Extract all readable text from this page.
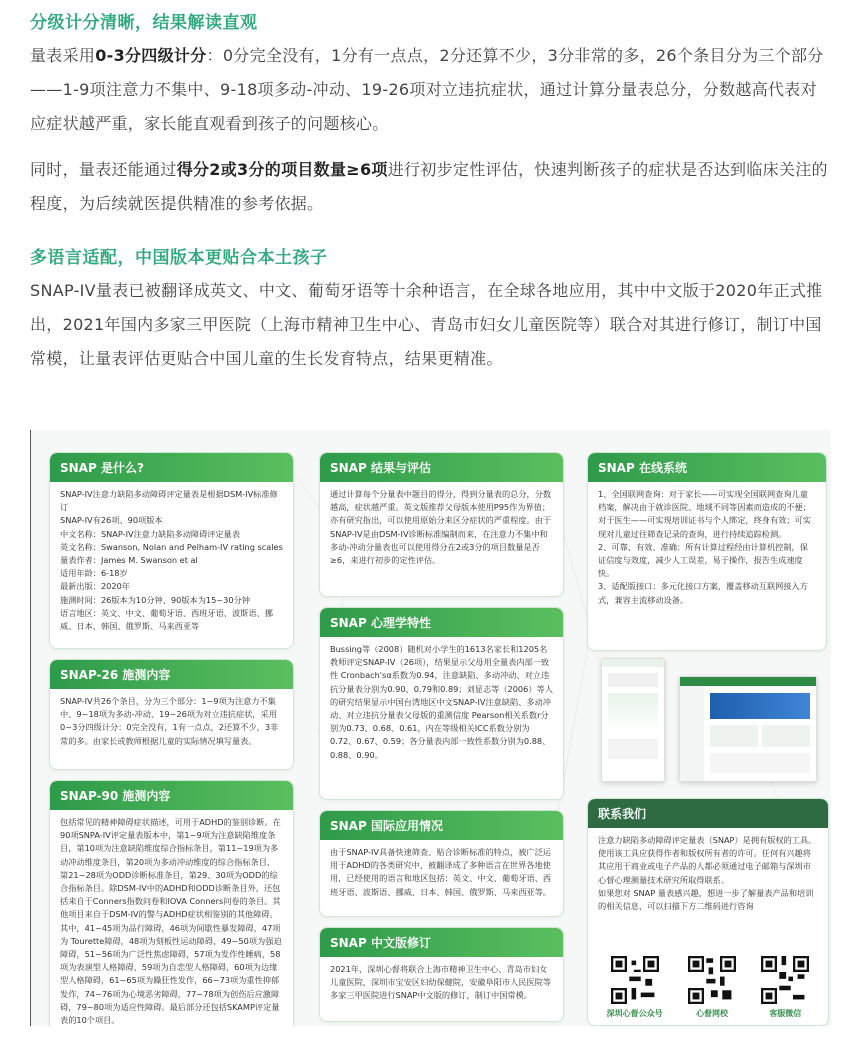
分级计分清晰，结果解读直观

量表采用0-3分四级计分：0分完全没有，1分有一点点，2分还算不少，3分非常的多，26个条目分为三个部分——1-9项注意力不集中、9-18项多动-冲动、19-26项对立违抗症状，通过计算分量表总分，分数越高代表对应症状越严重，家长能直观看到孩子的问题核心。

同时，量表还能通过得分2或3分的项目数量≥6项进行初步定性评估，快速判断孩子的症状是否达到临床关注的程度，为后续就医提供精准的参考依据。

多语言适配，中国版本更贴合本土孩子

SNAP-IV量表已被翻译成英文、中文、葡萄牙语等十余种语言，在全球各地应用，其中中文版于2020年正式推出，2021年国内多家三甲医院（上海市精神卫生中心、青岛市妇女儿童医院等）联合对其进行修订，制订中国常模，让量表评估更贴合中国儿童的生长发育特点，结果更精准。

SNAP 是什么?
SNAP-IV注意力缺陷多动障碍评定量表是根据DSM-IV标准修订
SNAP-IV有26项、90项版本
中文名称：SNAP-IV注意力缺陷多动障碍评定量表
英文名称：Swanson, Nolan and Pelham-IV rating scales
量表作者：James M. Swanson et al
适用年龄：6-18岁
最新出版：2020年
施测时间：26版本为10分钟、90版本为15~30分钟
语言地区：英文、中文、葡萄牙语、西班牙语、波斯语、挪威、日本、韩国、俄罗斯、马来西亚等
SNAP-26 施测内容
SNAP-IV共26个条目，分为三个部分：1~9项为注意力不集中、9~18项为多动-冲动、19~26项为对立违抗症状，采用0~3分四级计分：0完全没有，1有一点点，2还算不少，3非常的多。由家长或教师根据儿童的实际情况填写量表。
SNAP-90 施测内容
包括常见的精神障碍症状描述，可用于ADHD的鉴别诊断。在90项SNPA-IV评定量表版本中，第1~9项为注意缺陷维度条目，第10项为注意缺陷维度综合指标条目，第11~19项为多动冲动维度条目，第20项为多动冲动维度的综合指标条目，第21~28项为ODD诊断标准条目，第29、30项为ODD的综合指标条目。除DSM-IV中的ADHD和ODD诊断条目外，还包括来自于Conners指数问卷和IOVA Conners问卷的条目。其他项目来自于DSM-IV的警与ADHD症状相鉴别的其他障碍。其中，41~45项为品行障碍，46项为间歇性暴发障碍，47项为 Tourette障碍，48项为刻板性运动障碍，49~50项为强迫障碍，51~56项为广泛性焦虑障碍，57项为发作性睡病，58项为表演型人格障碍，59项为自恋型人格障碍，60项为边缘型人格障碍，61~65项为躁狂性发作，66~73项为重性抑郁发作，74~76项为心境恶劣障碍，77~78项为创伤后应激障碍，79~80项为适应性障碍。最后部分还包括SKAMP评定量表的10个项目。
SNAP 结果与评估
通过计算每个分量表中题目的得分，得到分量表的总分，分数越高，症状越严重。英文版推荐父母版本使用P95作为界值；亦有研究指出，可以使用原始分来区分症状的严重程度。由于SNAP-IV是由DSM-IV诊断标准编制而来，在注意力不集中和多动-冲动分量表也可以使用得分在2或3分的项目数量是否≥6，来进行初步的定性评估。
SNAP 心理学特性
Bussing等（2008）随机对小学生的1613名家长和1205名教师评定SNAP-IV（26项），结果显示父母用全量表内部一致性 Cronbach'sα系数为0.94，注意缺陷、多动冲动、对立违抗分量表分别为0.90、0.79和0.89；刘显志等（2006）等人的研究结果显示中国台湾地区中文SNAP-IV注意缺陷、多动冲动、对立违抗分量表父母版的重测信度 Pearson相关系数r分别为0.73、0.68、0.61，内在等级相关ICC系数分别为0.72、0.67、0.59；各分量表内部一致性系数分别为0.88、0.88、0.90。
SNAP 国际应用情况
由于SNAP-IV具备快速筛查、贴合诊断标准的特点，被广泛运用于ADHD的各类研究中，被翻译成了多种语言在世界各地使用，已经使用的语言和地区包括：英文、中文、葡萄牙语、西班牙语、波斯语、挪威、日本、韩国、俄罗斯、马来西亚等。
SNAP 中文版修订
2021年，深圳心督将联合上海市精神卫生中心、青岛市妇女儿童医院，深圳市宝安区妇幼保健院，安徽阜阳市人民医院等多家三甲医院进行SNAP中文版的修订，制订中国常模。
SNAP 在线系统
1、全国联网查询：对于家长——可实现全国联网查询儿童档案，解决由于就诊医院、地域不同等因素而造成的不便；对于医生——可实现培训证书与个人绑定，终身有效；可实现对儿童过往筛查记录的查询，进行持续追踪检测。
2、可靠、有效、准确：所有计算过程经由计算机控制，保证信度与效度，减少人工误差，易于操作，报告生成速度快。
3、适配版接口：多元化接口方案，覆盖移动互联网接入方式，兼容主流移动设备。
联系我们
注意力缺陷多动障碍评定量表（SNAP）是拥有版权的工具。使用该工具应获得作者和版权所有者的许可。任何有兴趣将其应用于商业或电子产品的人都必须通过电子邮箱与深圳市心督心理测量技术研究所取得联系。
如果您对 SNAP 量表感兴趣，想进一步了解量表产品和培训的相关信息，可以扫描下方二维码进行咨询
深圳心督公众号	心督网校	客服微信
